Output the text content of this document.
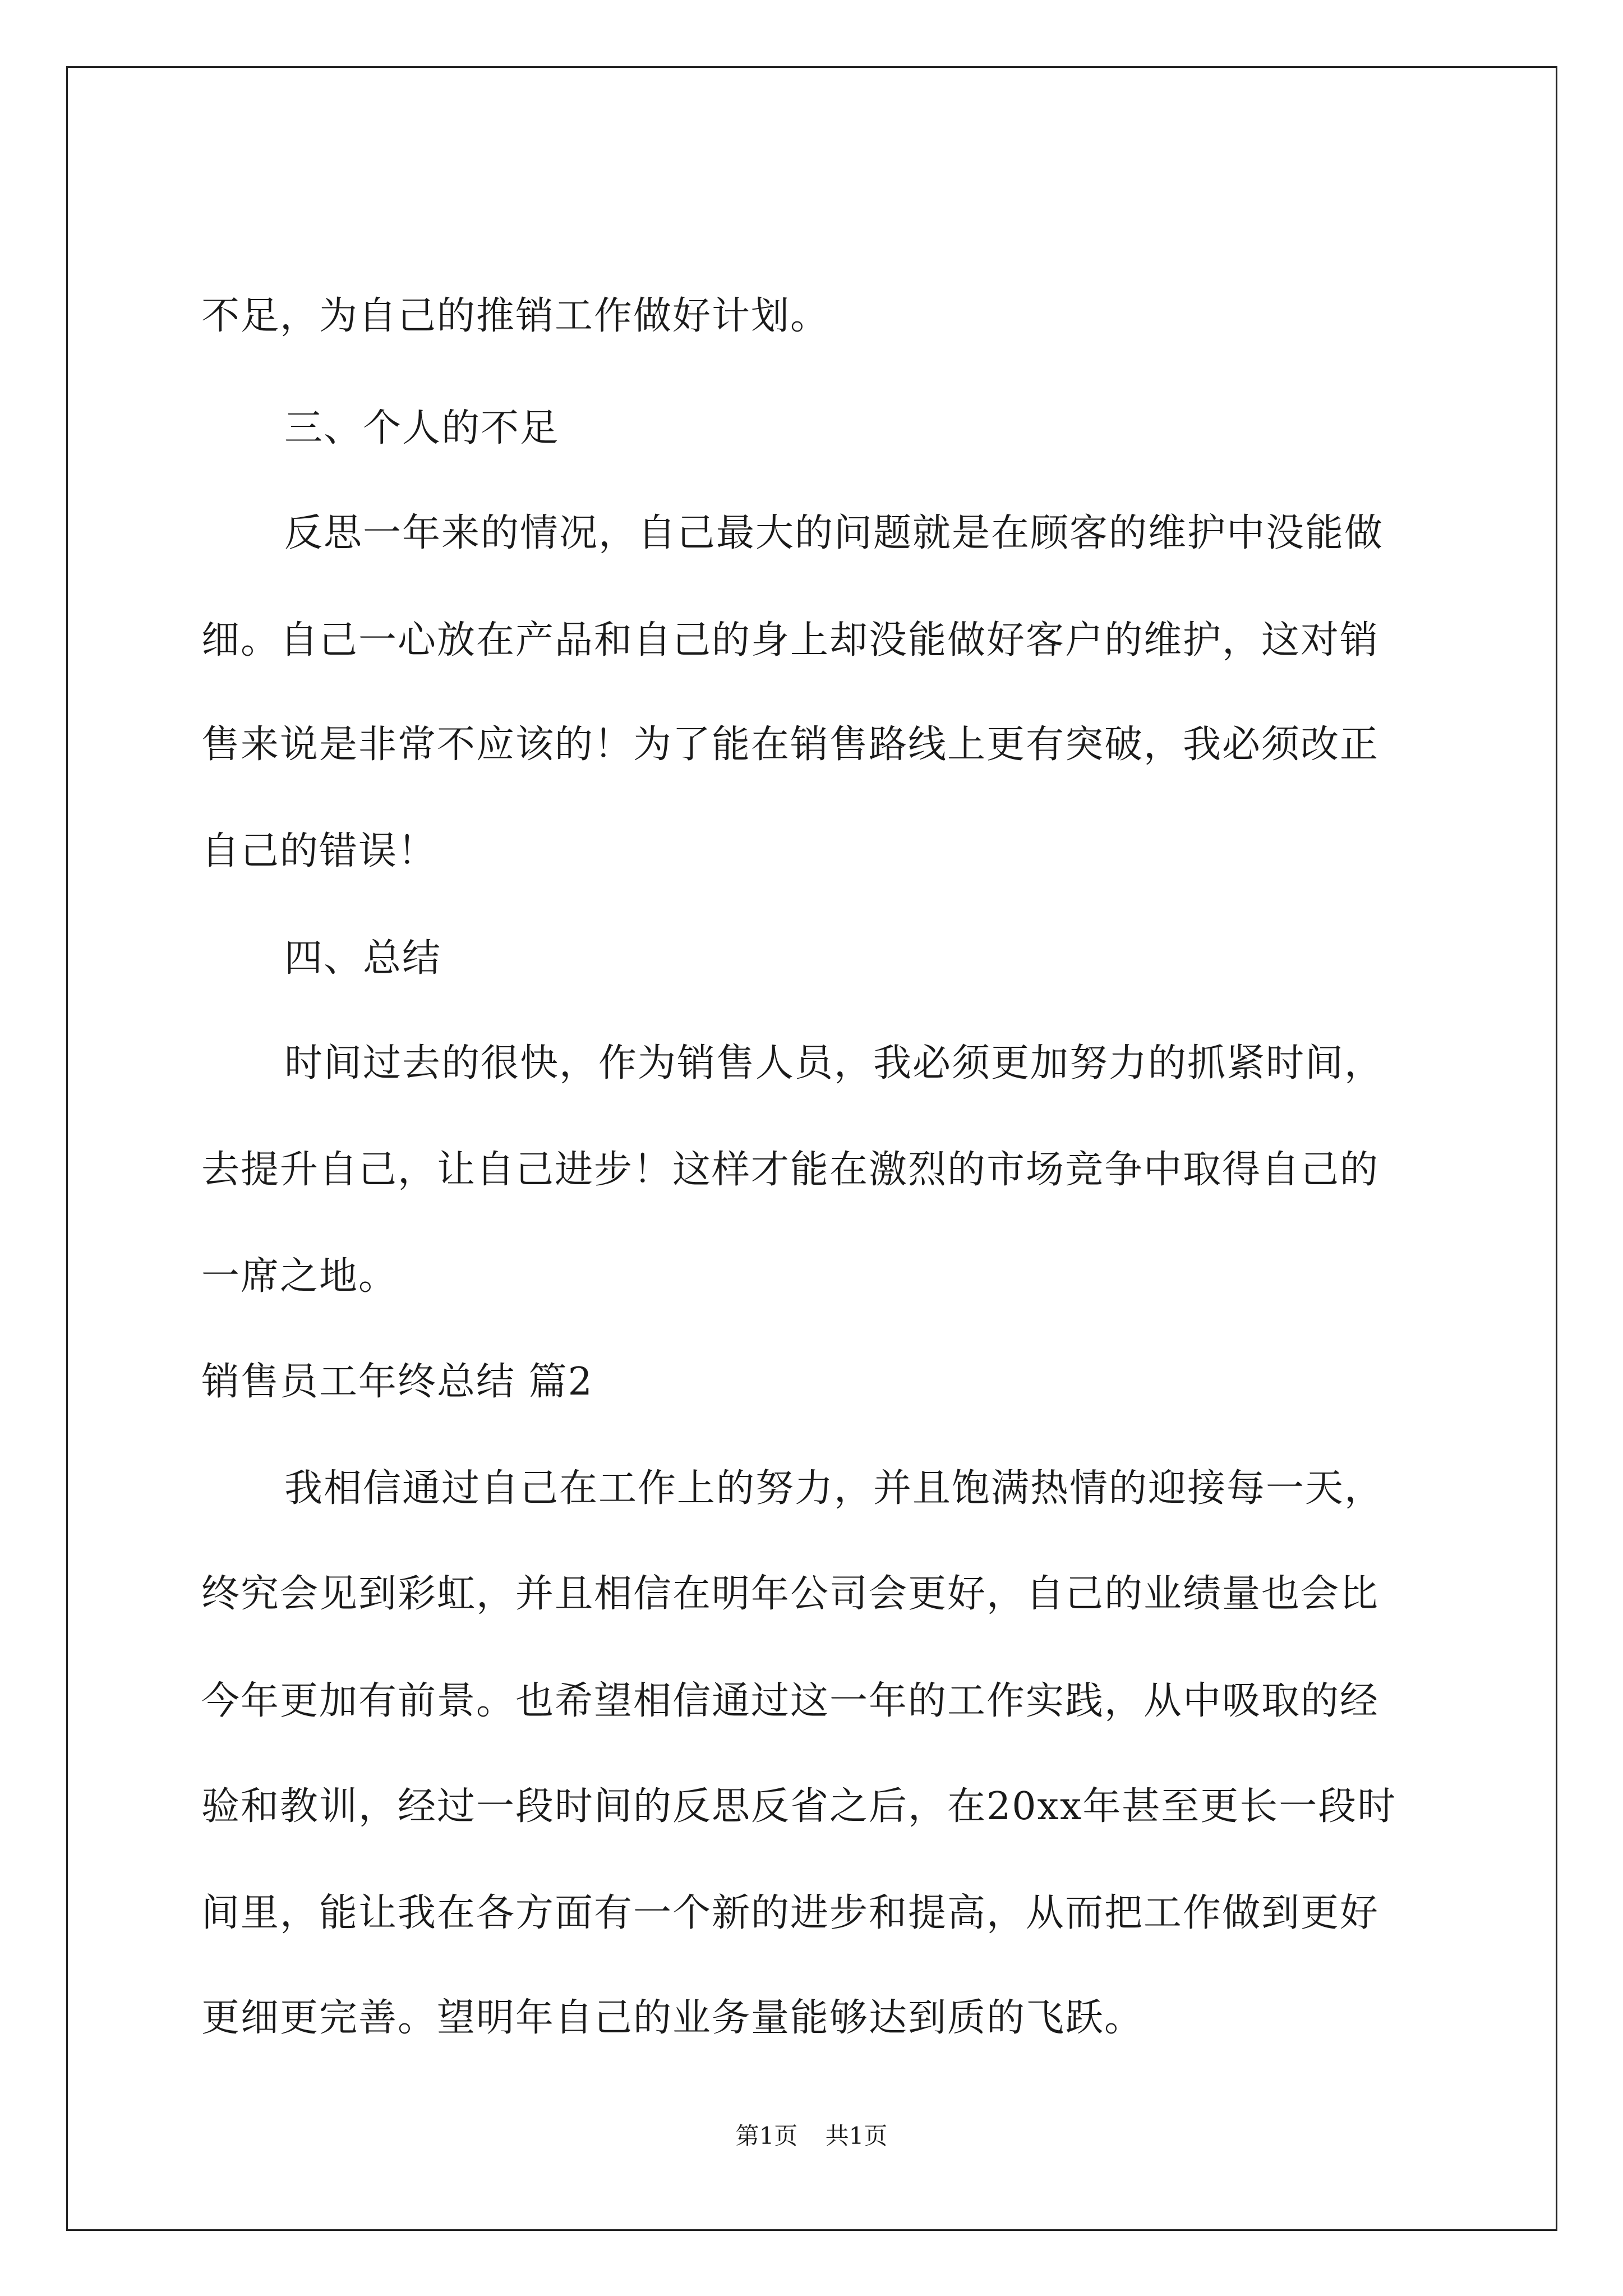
不足，为自己的推销工作做好计划。
三、个人的不足
反思一年来的情况，自己最大的问题就是在顾客的维护中没能做
细。自己一心放在产品和自己的身上却没能做好客户的维护，这对销
售来说是非常不应该的！为了能在销售路线上更有突破，我必须改正
自己的错误！
四、总结
时间过去的很快，作为销售人员，我必须更加努力的抓紧时间，
去提升自己，让自己进步！这样才能在激烈的市场竞争中取得自己的
一席之地。
销售员工年终总结 篇2
我相信通过自己在工作上的努力，并且饱满热情的迎接每一天，
终究会见到彩虹，并且相信在明年公司会更好，自己的业绩量也会比
今年更加有前景。也希望相信通过这一年的工作实践，从中吸取的经
验和教训，经过一段时间的反思反省之后，在20xx年甚至更长一段时
间里，能让我在各方面有一个新的进步和提高，从而把工作做到更好
更细更完善。望明年自己的业务量能够达到质的飞跃。
第1页 共1页
